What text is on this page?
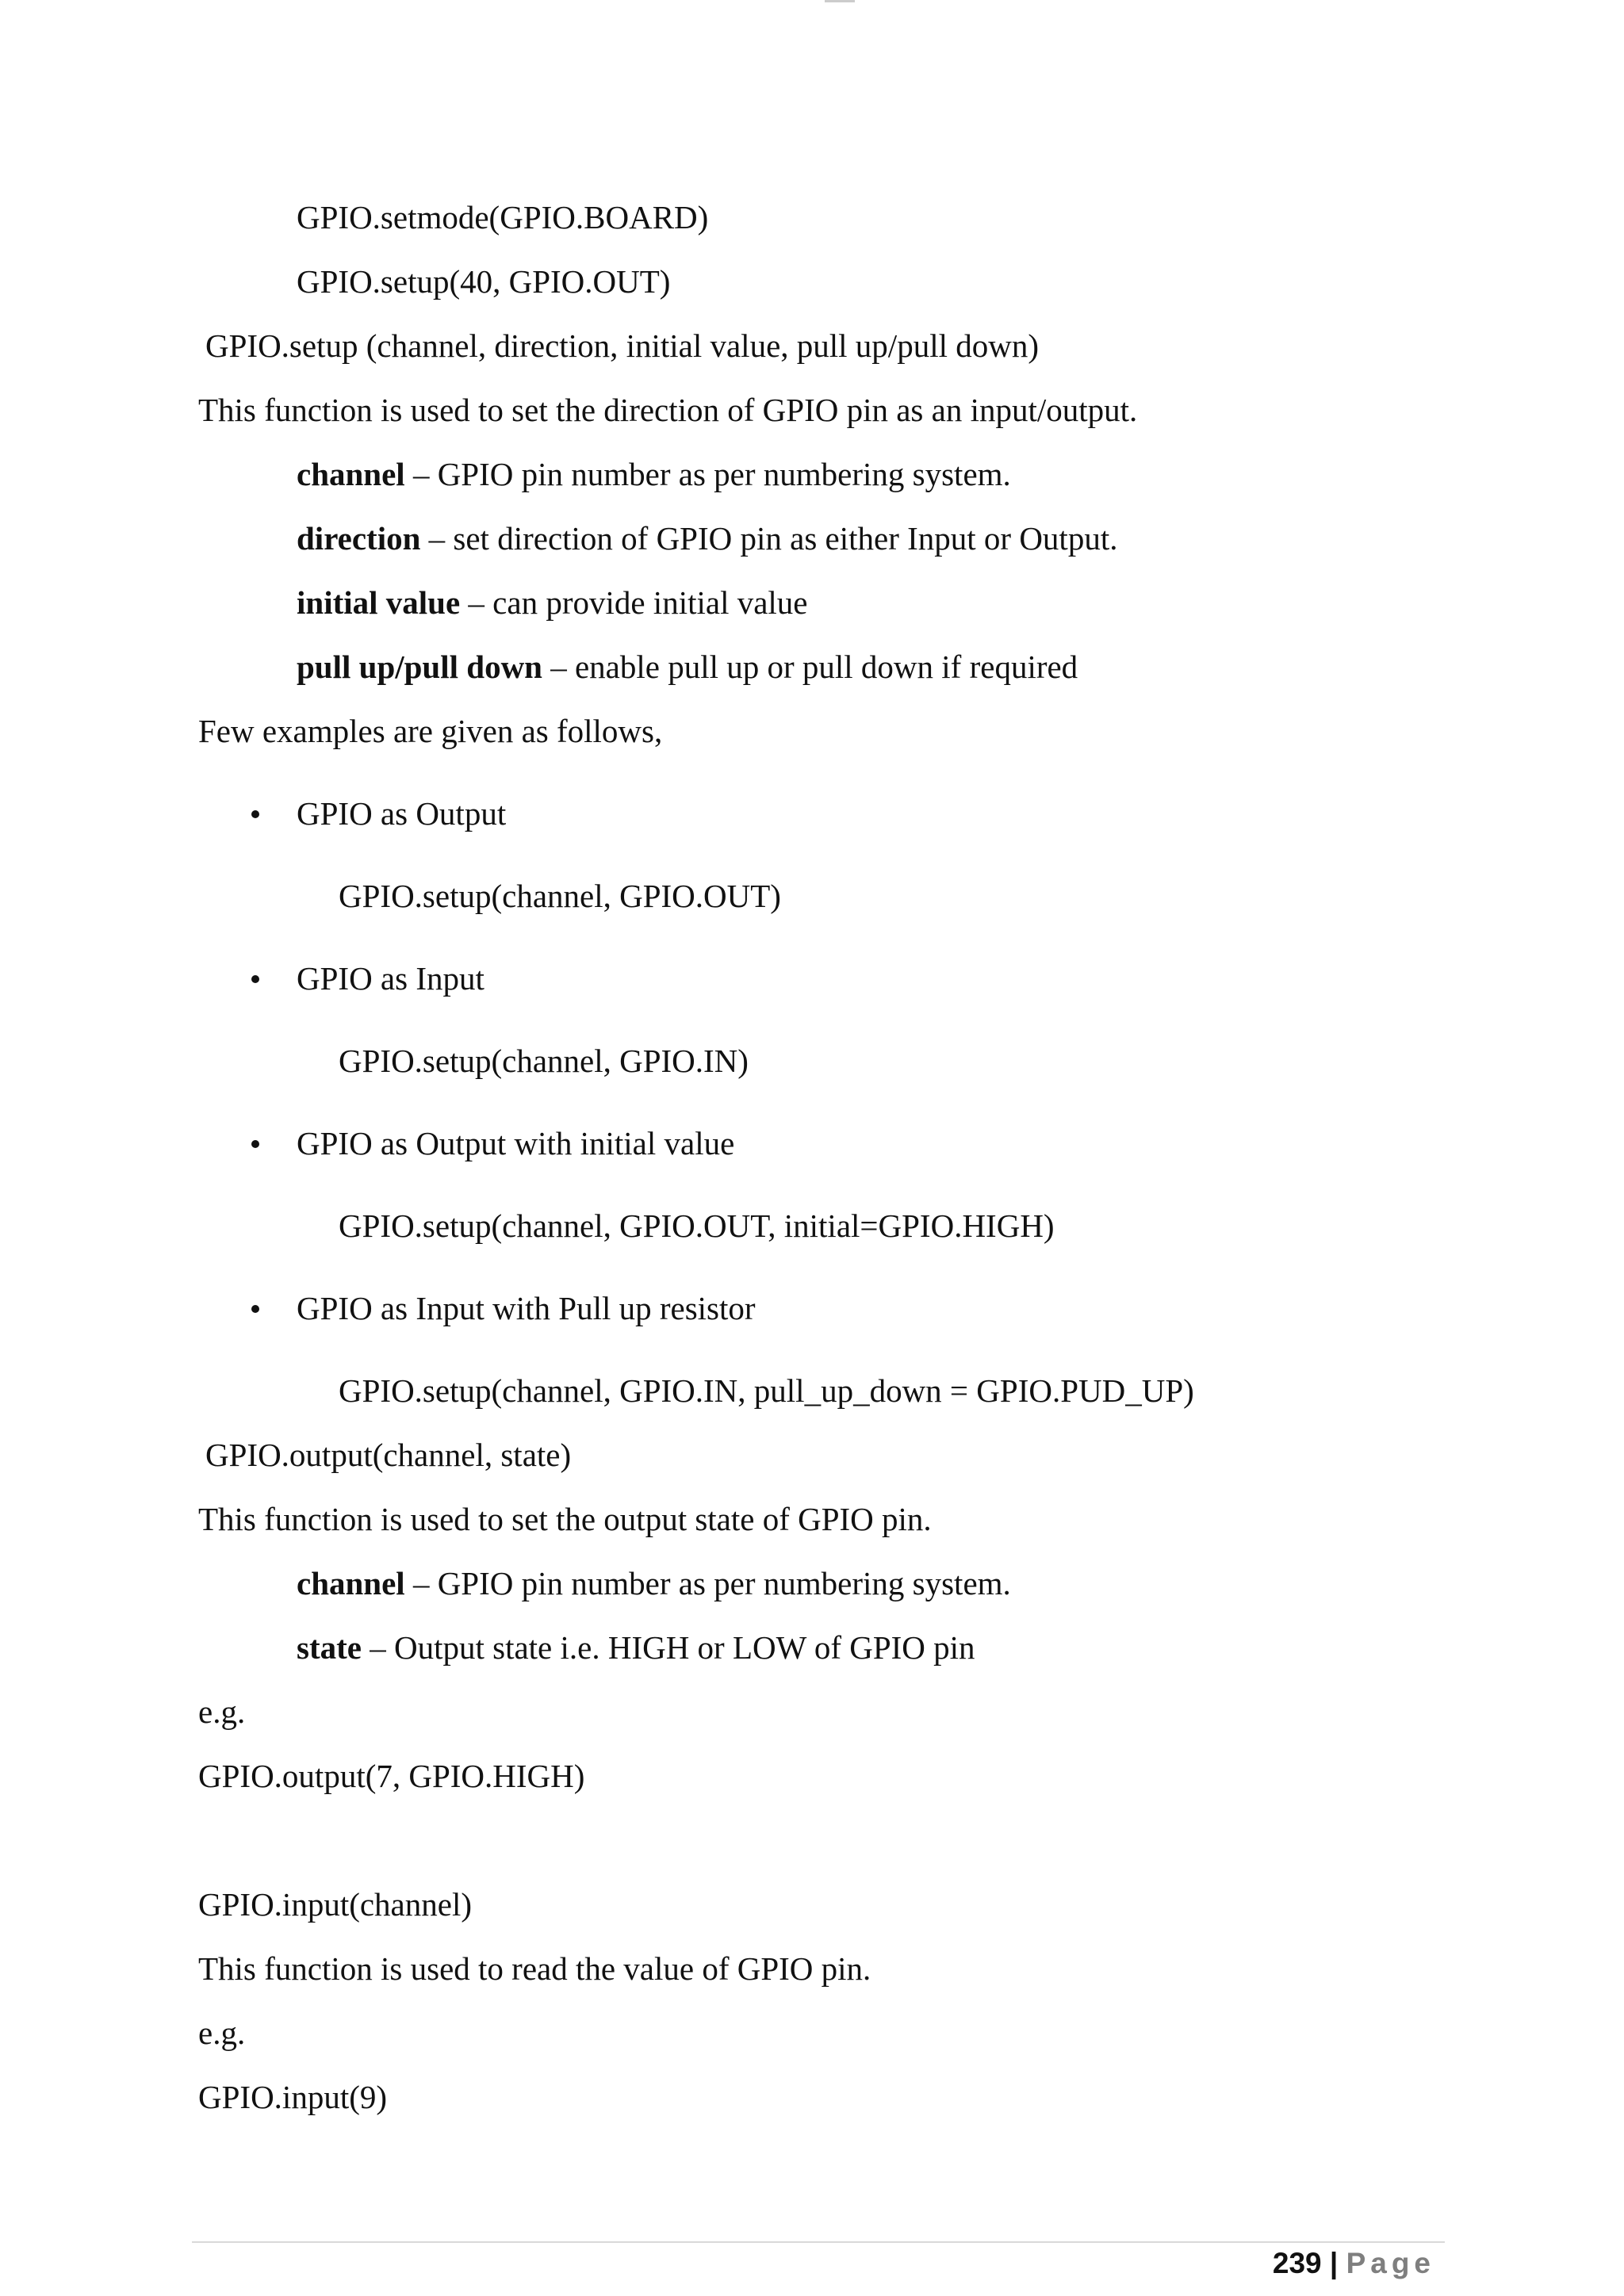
GPIO.setmode(GPIO.BOARD)
GPIO.setup(40, GPIO.OUT)
GPIO.setup (channel, direction, initial value, pull up/pull down)
This function is used to set the direction of GPIO pin as an input/output.
channel – GPIO pin number as per numbering system.
direction – set direction of GPIO pin as either Input or Output.
initial value – can provide initial value
pull up/pull down – enable pull up or pull down if required
Few examples are given as follows,
GPIO as Output
GPIO.setup(channel, GPIO.OUT)
GPIO as Input
GPIO.setup(channel, GPIO.IN)
GPIO as Output with initial value
GPIO.setup(channel, GPIO.OUT, initial=GPIO.HIGH)
GPIO as Input with Pull up resistor
GPIO.setup(channel, GPIO.IN, pull_up_down = GPIO.PUD_UP)
GPIO.output(channel, state)
This function is used to set the output state of GPIO pin.
channel – GPIO pin number as per numbering system.
state – Output state i.e. HIGH or LOW of GPIO pin
e.g.
GPIO.output(7, GPIO.HIGH)
GPIO.input(channel)
This function is used to read the value of GPIO pin.
e.g.
GPIO.input(9)
239 | Page
